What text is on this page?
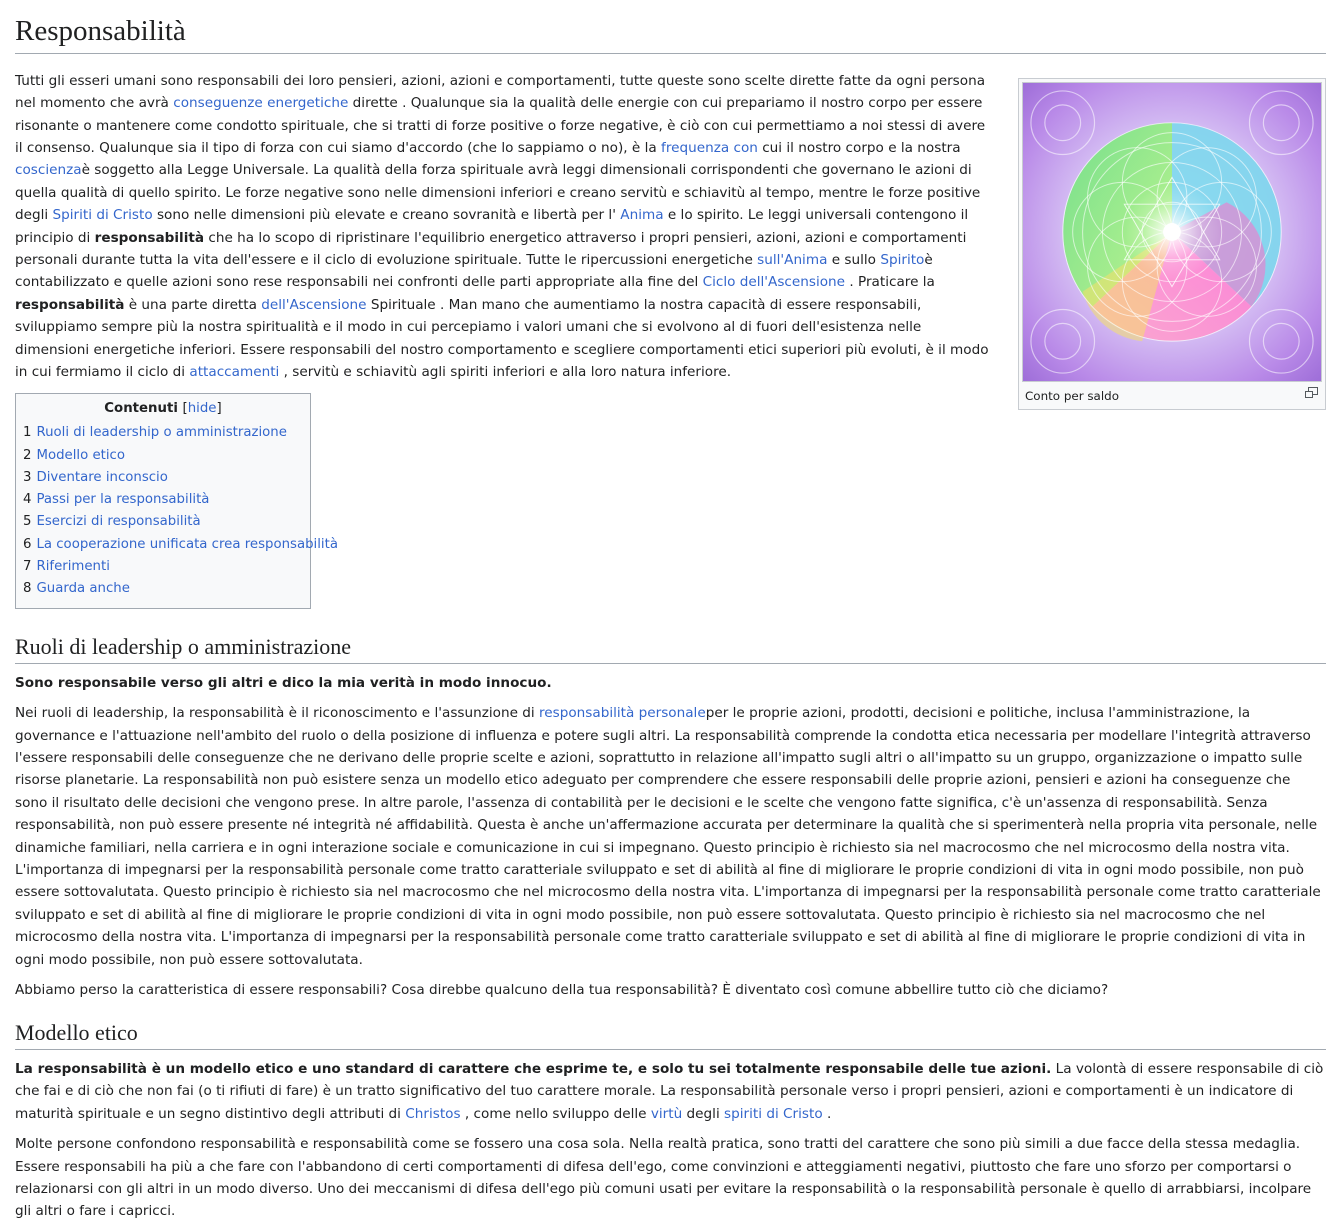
Responsabilità
Conto per saldo

Tutti gli esseri umani sono responsabili dei loro pensieri, azioni, azioni e comportamenti, tutte queste sono scelte dirette fatte da ogni persona nel momento che avrà conseguenze energetiche dirette . Qualunque sia la qualità delle energie con cui prepariamo il nostro corpo per essere risonante o mantenere come condotto spirituale, che si tratti di forze positive o forze negative, è ciò con cui permettiamo a noi stessi di avere il consenso. Qualunque sia il tipo di forza con cui siamo d'accordo (che lo sappiamo o no), è la frequenza con cui il nostro corpo e la nostra coscienzaè soggetto alla Legge Universale. La qualità della forza spirituale avrà leggi dimensionali corrispondenti che governano le azioni di quella qualità di quello spirito. Le forze negative sono nelle dimensioni inferiori e creano servitù e schiavitù al tempo, mentre le forze positive degli Spiriti di Cristo sono nelle dimensioni più elevate e creano sovranità e libertà per l' Anima e lo spirito. Le leggi universali contengono il principio di responsabilità che ha lo scopo di ripristinare l'equilibrio energetico attraverso i propri pensieri, azioni, azioni e comportamenti personali durante tutta la vita dell'essere e il ciclo di evoluzione spirituale. Tutte le ripercussioni energetiche sull'Anima e sullo Spiritoè contabilizzato e quelle azioni sono rese responsabili nei confronti delle parti appropriate alla fine del Ciclo dell'Ascensione . Praticare la responsabilità è una parte diretta dell'Ascensione Spirituale . Man mano che aumentiamo la nostra capacità di essere responsabili, sviluppiamo sempre più la nostra spiritualità e il modo in cui percepiamo i valori umani che si evolvono al di fuori dell'esistenza nelle dimensioni energetiche inferiori. Essere responsabili del nostro comportamento e scegliere comportamenti etici superiori più evoluti, è il modo in cui fermiamo il ciclo di attaccamenti , servitù e schiavitù agli spiriti inferiori e alla loro natura inferiore.

Contenuti [hide]
1 Ruoli di leadership o amministrazione
2 Modello etico
3 Diventare inconscio
4 Passi per la responsabilità
5 Esercizi di responsabilità
6 La cooperazione unificata crea responsabilità
7 Riferimenti
8 Guarda anche
Ruoli di leadership o amministrazione

Sono responsabile verso gli altri e dico la mia verità in modo innocuo.

Nei ruoli di leadership, la responsabilità è il riconoscimento e l'assunzione di responsabilità personaleper le proprie azioni, prodotti, decisioni e politiche, inclusa l'amministrazione, la governance e l'attuazione nell'ambito del ruolo o della posizione di influenza e potere sugli altri. La responsabilità comprende la condotta etica necessaria per modellare l'integrità attraverso l'essere responsabili delle conseguenze che ne derivano delle proprie scelte e azioni, soprattutto in relazione all'impatto sugli altri o all'impatto su un gruppo, organizzazione o impatto sulle risorse planetarie. La responsabilità non può esistere senza un modello etico adeguato per comprendere che essere responsabili delle proprie azioni, pensieri e azioni ha conseguenze che sono il risultato delle decisioni che vengono prese. In altre parole, l'assenza di contabilità per le decisioni e le scelte che vengono fatte significa, c'è un'assenza di responsabilità. Senza responsabilità, non può essere presente né integrità né affidabilità. Questa è anche un'affermazione accurata per determinare la qualità che si sperimenterà nella propria vita personale, nelle dinamiche familiari, nella carriera e in ogni interazione sociale e comunicazione in cui si impegnano. Questo principio è richiesto sia nel macrocosmo che nel microcosmo della nostra vita. L'importanza di impegnarsi per la responsabilità personale come tratto caratteriale sviluppato e set di abilità al fine di migliorare le proprie condizioni di vita in ogni modo possibile, non può essere sottovalutata. Questo principio è richiesto sia nel macrocosmo che nel microcosmo della nostra vita. L'importanza di impegnarsi per la responsabilità personale come tratto caratteriale sviluppato e set di abilità al fine di migliorare le proprie condizioni di vita in ogni modo possibile, non può essere sottovalutata. Questo principio è richiesto sia nel macrocosmo che nel microcosmo della nostra vita. L'importanza di impegnarsi per la responsabilità personale come tratto caratteriale sviluppato e set di abilità al fine di migliorare le proprie condizioni di vita in ogni modo possibile, non può essere sottovalutata.

Abbiamo perso la caratteristica di essere responsabili? Cosa direbbe qualcuno della tua responsabilità? È diventato così comune abbellire tutto ciò che diciamo?

Modello etico

La responsabilità è un modello etico e uno standard di carattere che esprime te, e solo tu sei totalmente responsabile delle tue azioni. La volontà di essere responsabile di ciò che fai e di ciò che non fai (o ti rifiuti di fare) è un tratto significativo del tuo carattere morale. La responsabilità personale verso i propri pensieri, azioni e comportamenti è un indicatore di maturità spirituale e un segno distintivo degli attributi di Christos , come nello sviluppo delle virtù degli spiriti di Cristo .

Molte persone confondono responsabilità e responsabilità come se fossero una cosa sola. Nella realtà pratica, sono tratti del carattere che sono più simili a due facce della stessa medaglia. Essere responsabili ha più a che fare con l'abbandono di certi comportamenti di difesa dell'ego, come convinzioni e atteggiamenti negativi, piuttosto che fare uno sforzo per comportarsi o relazionarsi con gli altri in un modo diverso. Uno dei meccanismi di difesa dell'ego più comuni usati per evitare la responsabilità o la responsabilità personale è quello di arrabbiarsi, incolpare gli altri o fare i capricci.
